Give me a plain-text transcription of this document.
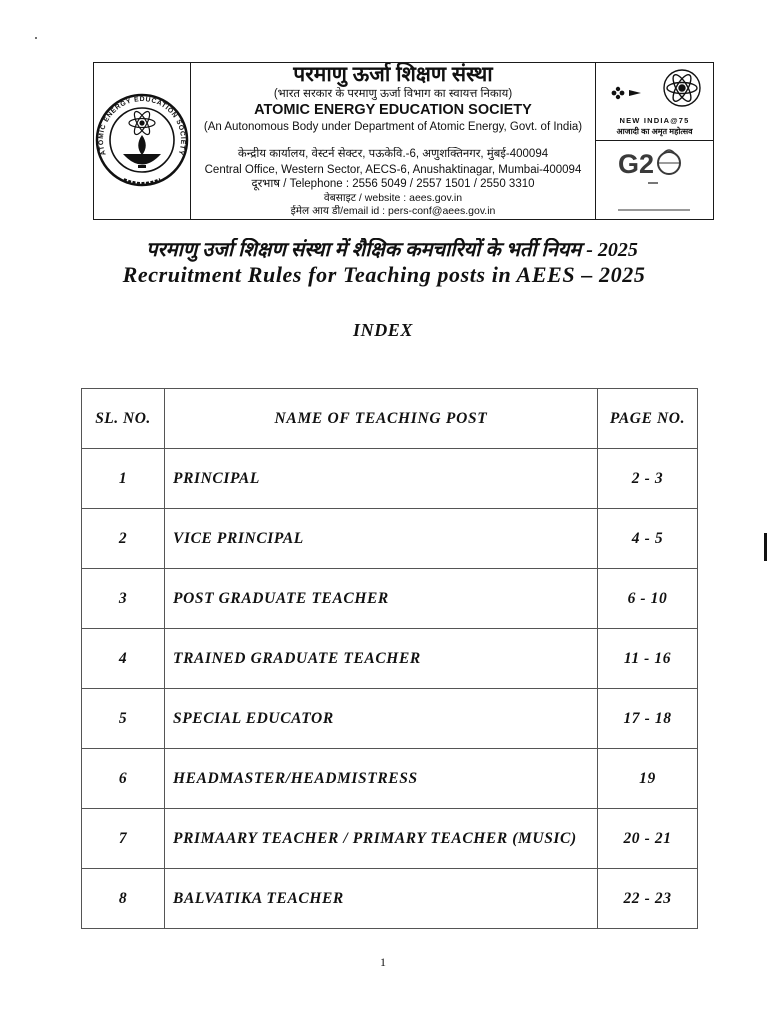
ATOMIC ENERGY EDUCATION SOCIETY
परमाणु ऊर्जा शिक्षण संस्था
(भारत सरकार के परमाणु ऊर्जा विभाग का स्वायत्त निकाय)
ATOMIC ENERGY EDUCATION SOCIETY
(An Autonomous Body under Department of Atomic Energy, Govt. of India)
केन्द्रीय कार्यालय, वेस्टर्न सेक्टर, पऊकेवि.-6, अणुशक्तिनगर, मुंबई-400094
Central Office, Western Sector, AECS-6, Anushaktinagar, Mumbai-400094
दूरभाष / Telephone : 2556 5049 / 2557 1501 / 2550 3310
वेबसाइट / website : aees.gov.in
ईमेल आय डी/email id : pers-conf@aees.gov.in
NEW INDIA@75
आजादी का अमृत महोत्सव
G2
परमाणु उर्जा शिक्षण संस्था में शैक्षिक कमचारियों के भर्ती नियम - 2025
Recruitment Rules for Teaching posts in AEES – 2025
INDEX
SL. NO.	NAME OF TEACHING POST	PAGE NO.
1	PRINCIPAL	2 - 3
2	VICE PRINCIPAL	4 - 5
3	POST GRADUATE TEACHER	6 - 10
4	TRAINED GRADUATE TEACHER	11 - 16
5	SPECIAL EDUCATOR	17 - 18
6	HEADMASTER/HEADMISTRESS	19
7	PRIMAARY TEACHER / PRIMARY TEACHER (MUSIC)	20 - 21
8	BALVATIKA TEACHER	22 - 23
1
